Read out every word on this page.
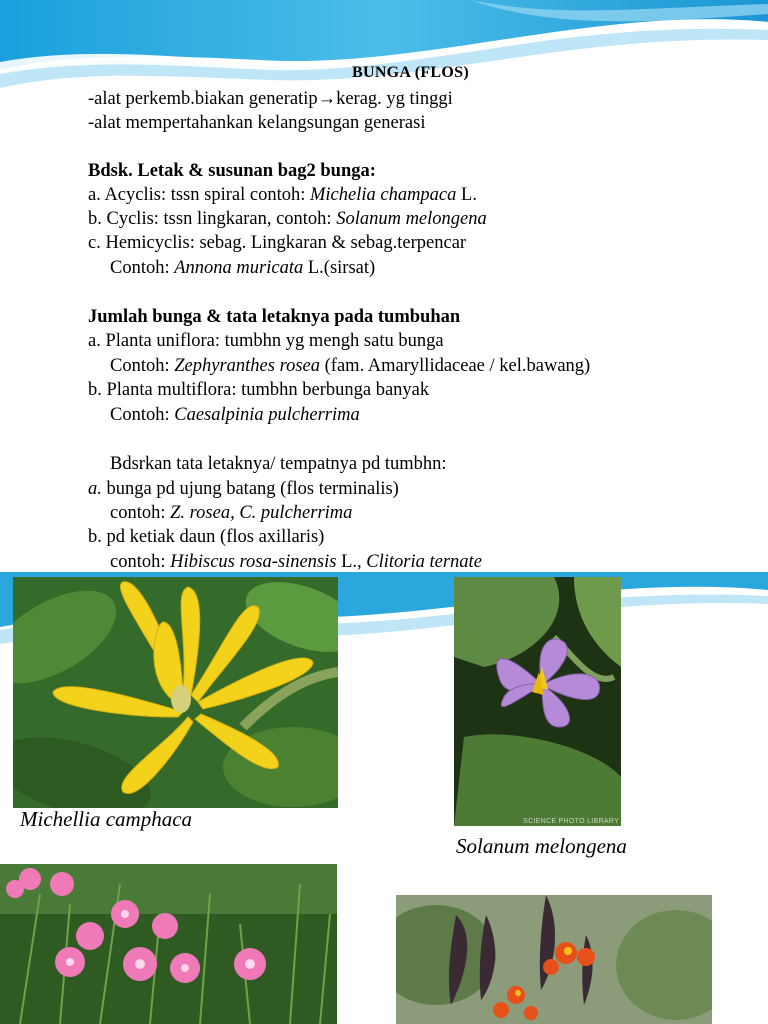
BUNGA (FLOS)
-alat perkemb.biakan generatip→kerag. yg tinggi
-alat mempertahankan kelangsungan generasi
Bdsk. Letak & susunan bag2 bunga:
a. Acyclis: tssn spiral contoh: Michelia champaca L.
b. Cyclis: tssn lingkaran, contoh: Solanum melongena
c. Hemicyclis: sebag. Lingkaran & sebag.terpencar
Contoh: Annona muricata L.(sirsat)
Jumlah bunga & tata letaknya pada tumbuhan
a. Planta uniflora: tumbhn yg mengh satu bunga
Contoh: Zephyranthes rosea (fam. Amaryllidaceae / kel.bawang)
b. Planta multiflora: tumbhn berbunga banyak
Contoh: Caesalpinia pulcherrima
Bdsrkan tata letaknya/ tempatnya pd tumbhn:
a. bunga pd ujung batang (flos terminalis)
contoh: Z. rosea, C. pulcherrima
b. pd ketiak daun (flos axillaris)
contoh: Hibiscus rosa-sinensis L., Clitoria ternate
Michellia camphaca	SCIENCE PHOTO LIBRARY
Solanum melongena
